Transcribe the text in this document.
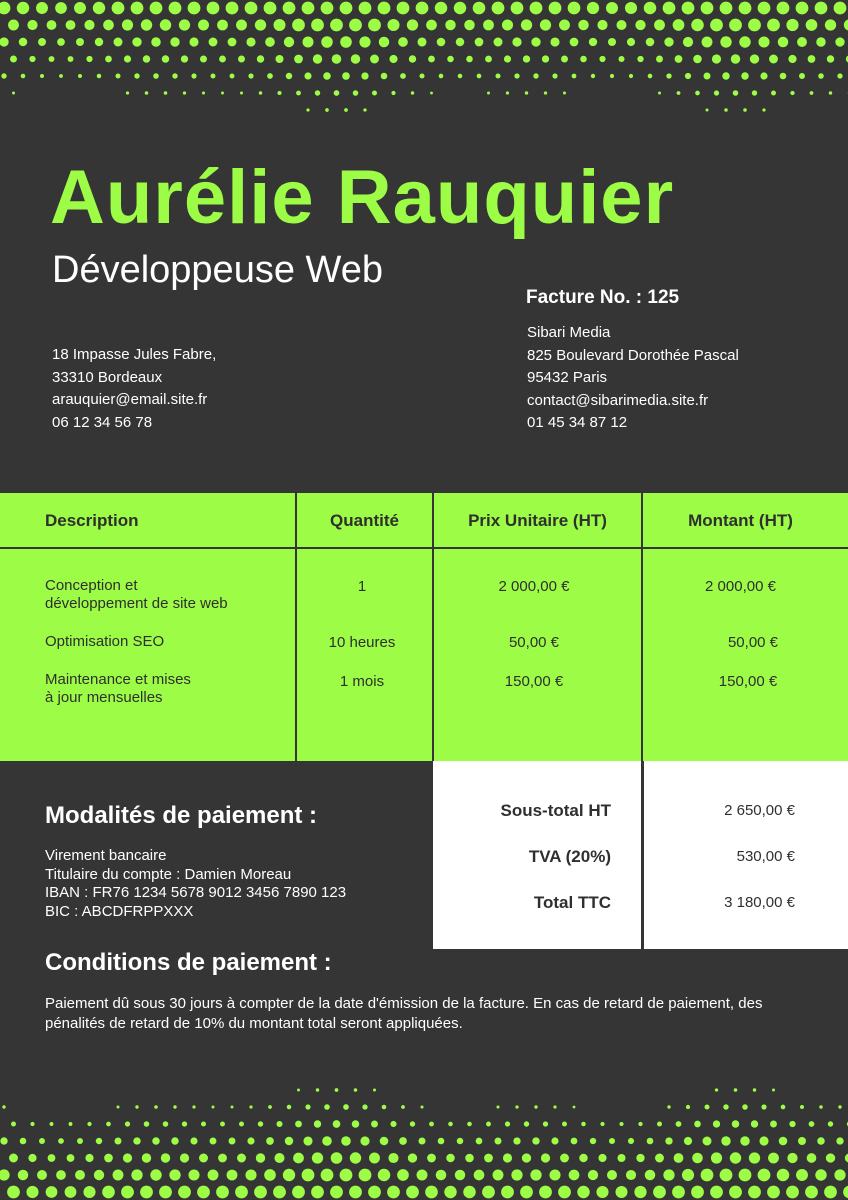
Aurélie Rauquier
Développeuse Web
18 Impasse Jules Fabre,
33310 Bordeaux
arauquier@email.site.fr
06 12 34 56 78
Facture No. : 125
Sibari Media
825 Boulevard Dorothée Pascal
95432 Paris
contact@sibarimedia.site.fr
01 45 34 87 12
Description	Quantité	Prix Unitaire (HT)	Montant (HT)
Conception et
développement de site web
1	2 000,00 €	2 000,00 €
Optimisation SEO	10 heures	50,00 €	50,00 €
Maintenance et mises
à jour mensuelles
1 mois	150,00 €	150,00 €
Modalités de paiement :
Virement bancaire
Titulaire du compte : Damien Moreau
IBAN : FR76 1234 5678 9012 3456 7890 123
BIC : ABCDFRPPXXX
Sous-total HT	2 650,00 €
TVA (20%)	530,00 €
Total TTC	3 180,00 €
Conditions de paiement :
Paiement dû sous 30 jours à compter de la date d'émission de la facture. En cas de retard de paiement, des pénalités de retard de 10% du montant total seront appliquées.
